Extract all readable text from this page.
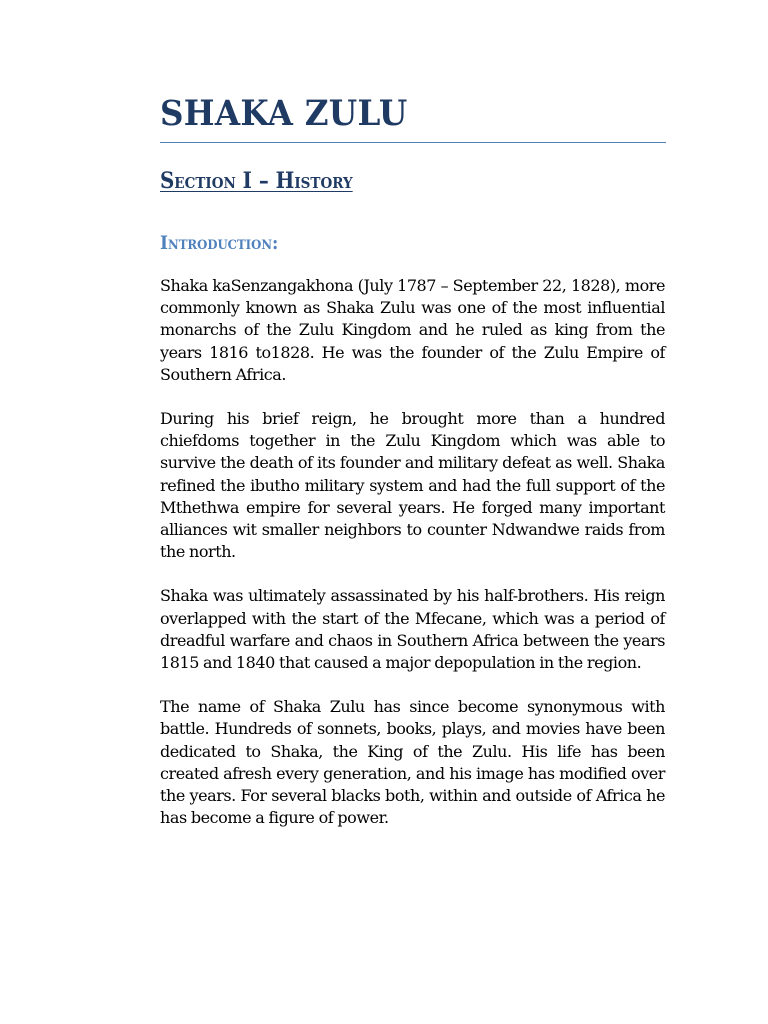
SHAKA ZULU
Section I – History
Introduction:

Shaka kaSenzangakhona (July 1787 – September 22, 1828), more commonly known as Shaka Zulu was one of the most influential monarchs of the Zulu Kingdom and he ruled as king from the years 1816 to1828. He was the founder of the Zulu Empire of Southern Africa.

During his brief reign, he brought more than a hundred chiefdoms together in the Zulu Kingdom which was able to survive the death of its founder and military defeat as well. Shaka refined the ibutho military system and had the full support of the Mthethwa empire for several years. He forged many important alliances wit smaller neighbors to counter Ndwandwe raids from the north.

Shaka was ultimately assassinated by his half-brothers. His reign overlapped with the start of the Mfecane, which was a period of dreadful warfare and chaos in Southern Africa between the years 1815 and 1840 that caused a major depopulation in the region.

The name of Shaka Zulu has since become synonymous with battle. Hundreds of sonnets, books, plays, and movies have been dedicated to Shaka, the King of the Zulu. His life has been created afresh every generation, and his image has modified over the years. For several blacks both, within and outside of Africa he has become a figure of power.
